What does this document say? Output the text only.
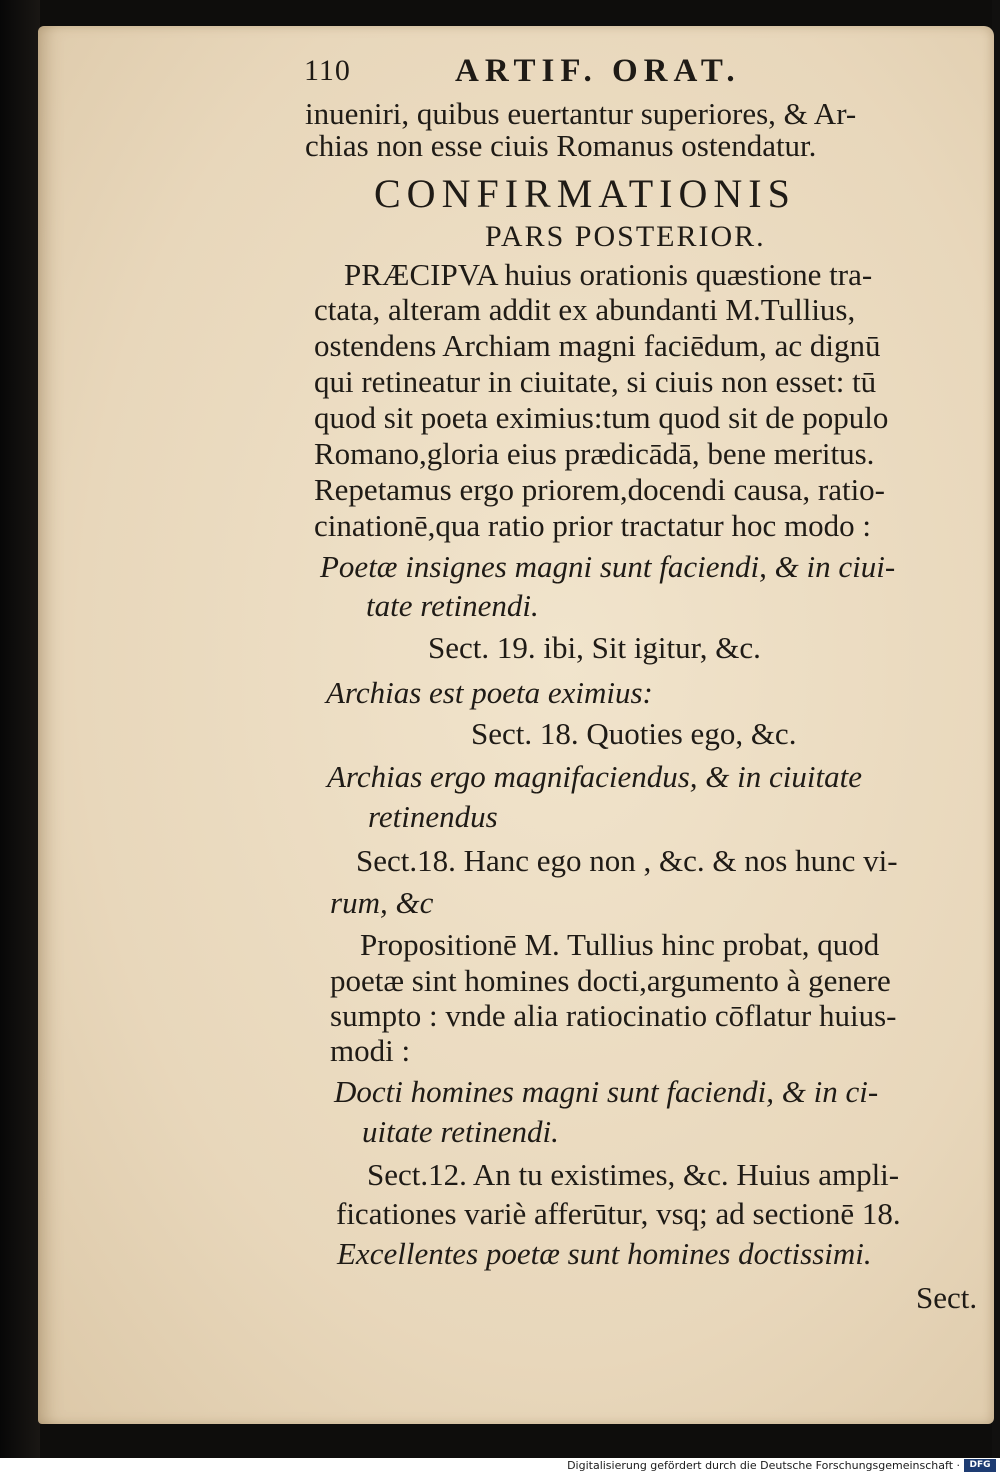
110	ARTIF. ORAT.
inueniri, quibus euertantur superiores, & Ar-
chias non esse ciuis Romanus ostendatur.
CONFIRMATIONIS
PARS POSTERIOR.
PRÆCIPVA huius orationis quæstione tra-
ctata, alteram addit ex abundanti M.Tullius,
ostendens Archiam magni faciēdum, ac dignū
qui retineatur in ciuitate, si ciuis non esset: tū
quod sit poeta eximius:tum quod sit de populo
Romano,gloria eius prædicādā, bene meritus.
Repetamus ergo priorem,docendi causa, ratio-
cinationē,qua ratio prior tractatur hoc modo :
Poetæ insignes magni sunt faciendi, & in ciui-
tate retinendi.
Sect. 19. ibi, Sit igitur, &c.
Archias est poeta eximius:
Sect. 18. Quoties ego, &c.
Archias ergo magnifaciendus, & in ciuitate
retinendus
Sect.18. Hanc ego non , &c. & nos hunc vi-
rum, &c
Propositionē M. Tullius hinc probat, quod
poetæ sint homines docti,argumento à genere
sumpto : vnde alia ratiocinatio cōflatur huius-
modi :
Docti homines magni sunt faciendi, & in ci-
uitate retinendi.
Sect.12. An tu existimes, &c. Huius ampli-
ficationes variè afferūtur, vsq; ad sectionē 18.
Excellentes poetæ sunt homines doctissimi.
Sect.
Digitalisierung gefördert durch die Deutsche Forschungsgemeinschaft ·	DFG
